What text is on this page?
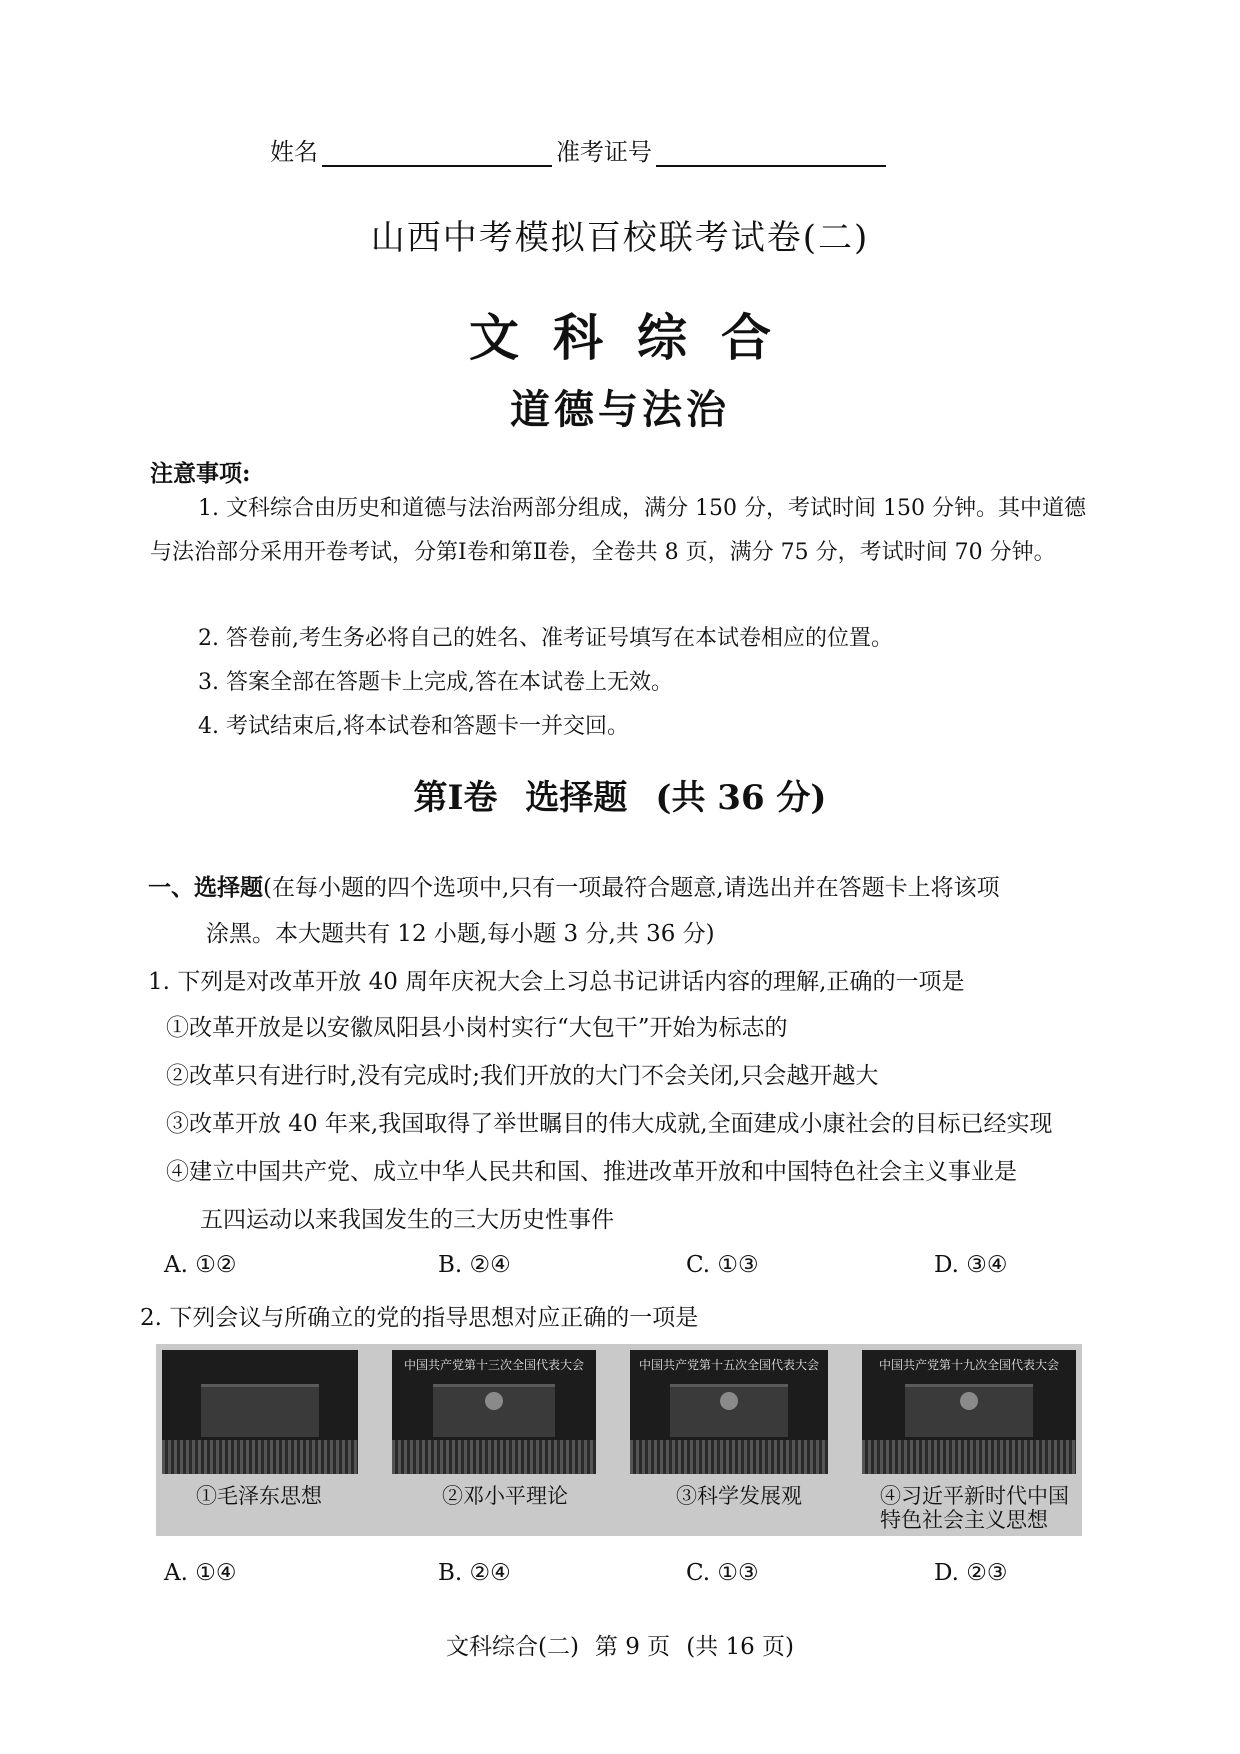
姓名	准考证号
山西中考模拟百校联考试卷(二)
文科综合
道德与法治
注意事项:
1. 文科综合由历史和道德与法治两部分组成，满分 150 分，考试时间 150 分钟。其中道德与法治部分采用开卷考试，分第Ⅰ卷和第Ⅱ卷，全卷共 8 页，满分 75 分，考试时间 70 分钟。
2. 答卷前,考生务必将自己的姓名、准考证号填写在本试卷相应的位置。
3. 答案全部在答题卡上完成,答在本试卷上无效。
4. 考试结束后,将本试卷和答题卡一并交回。
第Ⅰ卷 选择题 (共 36 分)
一、选择题(在每小题的四个选项中,只有一项最符合题意,请选出并在答题卡上将该项
涂黑。本大题共有 12 小题,每小题 3 分,共 36 分)
1. 下列是对改革开放 40 周年庆祝大会上习总书记讲话内容的理解,正确的一项是
①改革开放是以安徽凤阳县小岗村实行“大包干”开始为标志的
②改革只有进行时,没有完成时;我们开放的大门不会关闭,只会越开越大
③改革开放 40 年来,我国取得了举世瞩目的伟大成就,全面建成小康社会的目标已经实现
④建立中国共产党、成立中华人民共和国、推进改革开放和中国特色社会主义事业是
五四运动以来我国发生的三大历史性事件
A. ①②	B. ②④	C. ①③	D. ③④
2. 下列会议与所确立的党的指导思想对应正确的一项是
中国共产党第十三次全国代表大会	中国共产党第十五次全国代表大会	中国共产党第十九次全国代表大会
①毛泽东思想	②邓小平理论	③科学发展观	④习近平新时代中国特色社会主义思想
A. ①④	B. ②④	C. ①③	D. ②③
文科综合(二) 第 9 页 (共 16 页)
